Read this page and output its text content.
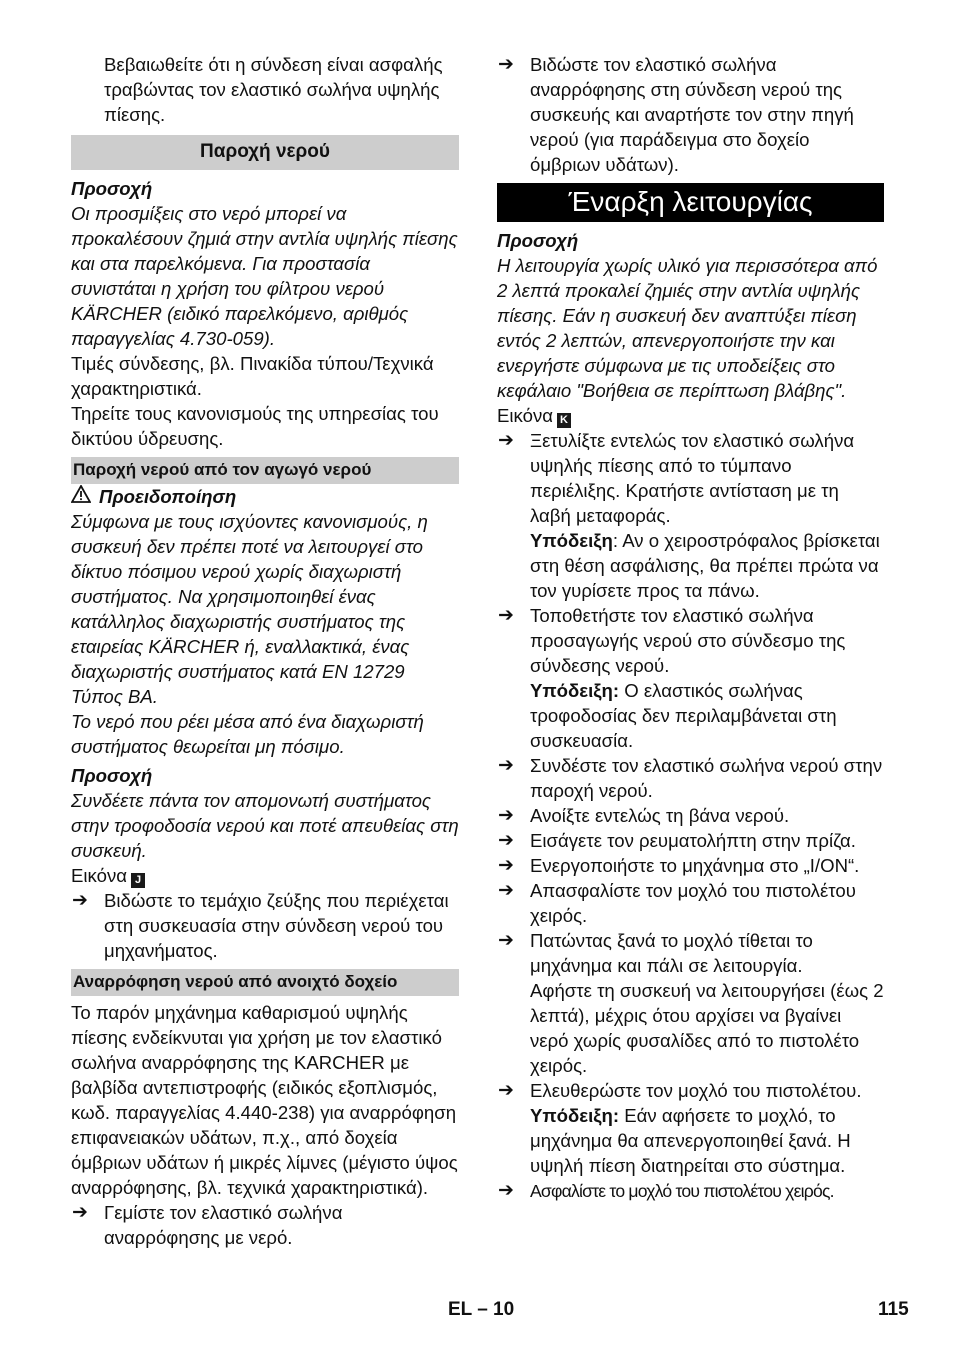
Βεβαιωθείτε ότι η σύνδεση είναι ασφαλής τραβώντας τον ελαστικό σωλήνα υψηλής πίεσης.

Παροχή νερού

Προσοχή

Οι προσμίξεις στο νερό μπορεί να προκαλέσουν ζημιά στην αντλία υψηλής πίεσης και στα παρελκόμενα. Για προστασία συνιστάται η χρήση του φίλτρου νερού KÄRCHER (ειδικό παρελκόμενο, αριθμός παραγγελίας 4.730-059).

Τιμές σύνδεσης, βλ. Πινακίδα τύπου/Τεχνικά χαρακτηριστικά.

Τηρείτε τους κανονισμούς της υπηρεσίας του δικτύου ύδρευσης.

Παροχή νερού από τον αγωγό νερού

Προειδοποίηση

Σύμφωνα με τους ισχύοντες κανονισμούς, η συσκευή δεν πρέπει ποτέ να λειτουργεί στο δίκτυο πόσιμου νερού χωρίς διαχωριστή συστήματος. Να χρησιμοποιηθεί ένας κατάλληλος διαχωριστής συστήματος της εταιρείας KÄRCHER ή, εναλλακτικά, ένας διαχωριστής συστήματος κατά EN 12729 Τύπος BA.

Το νερό που ρέει μέσα από ένα διαχωριστή συστήματος θεωρείται μη πόσιμο.

Προσοχή

Συνδέετε πάντα τον απομονωτή συστήματος στην τροφοδοσία νερού και ποτέ απευθείας στη συσκευή.

Εικόνα J

➔ Βιδώστε το τεμάχιο ζεύξης που περιέχεται στη συσκευασία στην σύνδεση νερού του μηχανήματος.
Αναρρόφηση νερού από ανοιχτό δοχείο

Το παρόν μηχάνημα καθαρισμού υψηλής πίεσης ενδείκνυται για χρήση με τον ελαστικό σωλήνα αναρρόφησης της KARCHER με βαλβίδα αντεπιστροφής (ειδικός εξοπλισμός, κωδ. παραγγελίας 4.440-238) για αναρρόφηση επιφανειακών υδάτων, π.χ., από δοχεία όμβριων υδάτων ή μικρές λίμνες (μέγιστο ύψος αναρρόφησης, βλ. τεχνικά χαρακτηριστικά).

➔ Γεμίστε τον ελαστικό σωλήνα αναρρόφησης με νερό.
➔ Βιδώστε τον ελαστικό σωλήνα αναρρόφησης στη σύνδεση νερού της συσκευής και αναρτήστε τον στην πηγή νερού (για παράδειγμα στο δοχείο όμβριων υδάτων).
Έναρξη λειτουργίας

Προσοχή

Η λειτουργία χωρίς υλικό για περισσότερα από 2 λεπτά προκαλεί ζημιές στην αντλία υψηλής πίεσης. Εάν η συσκευή δεν αναπτύξει πίεση εντός 2 λεπτών, απενεργοποιήστε την και ενεργήστε σύμφωνα με τις υποδείξεις στο κεφάλαιο "Βοήθεια σε περίπτωση βλάβης".

Εικόνα K

➔ Ξετυλίξτε εντελώς τον ελαστικό σωλήνα υψηλής πίεσης από το τύμπανο περιέλιξης. Κρατήστε αντίσταση με τη λαβή μεταφοράς.

Υπόδειξη: Αν ο χειροστρόφαλος βρίσκεται στη θέση ασφάλισης, θα πρέπει πρώτα να τον γυρίσετε προς τα πάνω.

➔ Τοποθετήστε τον ελαστικό σωλήνα προσαγωγής νερού στο σύνδεσμο της σύνδεσης νερού.

Υπόδειξη: Ο ελαστικός σωλήνας τροφοδοσίας δεν περιλαμβάνεται στη συσκευασία.

➔ Συνδέστε τον ελαστικό σωλήνα νερού στην παροχή νερού.
➔ Ανοίξτε εντελώς τη βάνα νερού.
➔ Εισάγετε τον ρευματολήπτη στην πρίζα.
➔ Ενεργοποιήστε το μηχάνημα στο „I/ON“.
➔ Απασφαλίστε τον μοχλό του πιστολέτου χειρός.
➔ Πατώντας ξανά το μοχλό τίθεται το μηχάνημα και πάλι σε λειτουργία.

Αφήστε τη συσκευή να λειτουργήσει (έως 2 λεπτά), μέχρις ότου αρχίσει να βγαίνει νερό χωρίς φυσαλίδες από το πιστολέτο χειρός.

➔ Ελευθερώστε τον μοχλό του πιστολέτου.

Υπόδειξη: Εάν αφήσετε το μοχλό, το μηχάνημα θα απενεργοποιηθεί ξανά. Η υψηλή πίεση διατηρείται στο σύστημα.

➔ Ασφαλίστε το μοχλό του πιστολέτου χειρός.
EL – 10	115
